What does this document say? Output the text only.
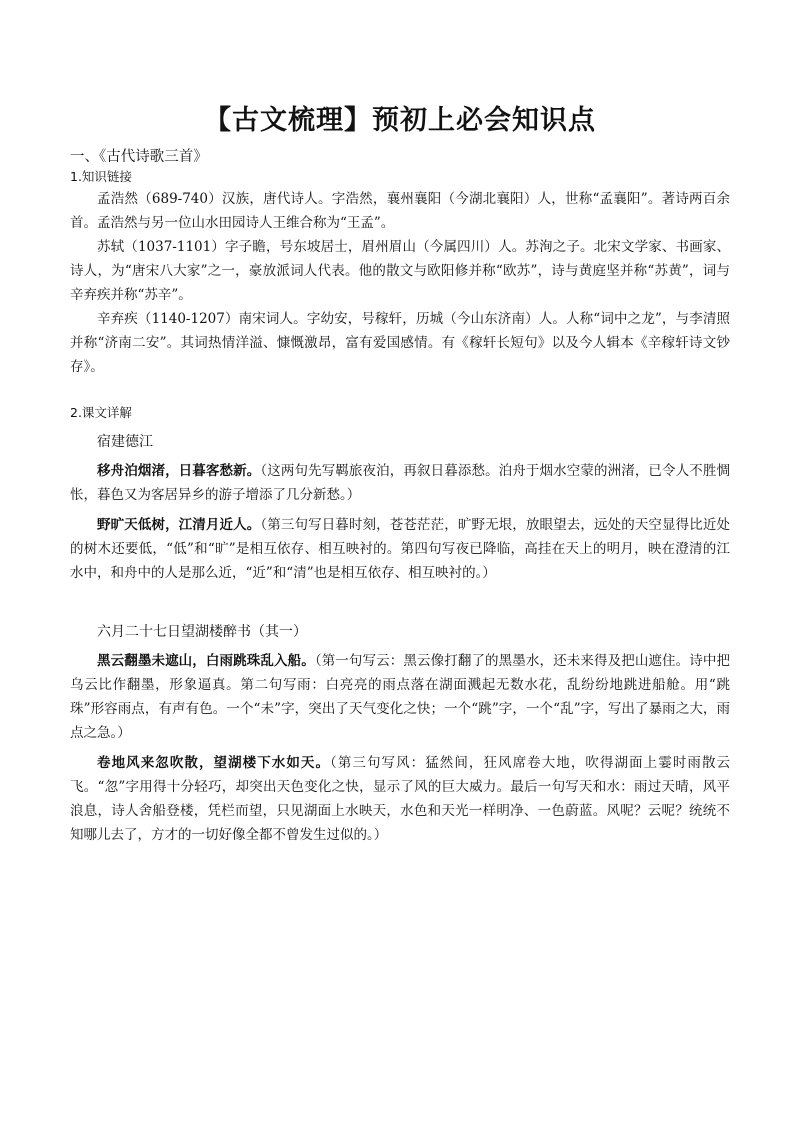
【古文梳理】预初上必会知识点

一、《古代诗歌三首》

1.知识链接

孟浩然（689-740）汉族，唐代诗人。字浩然，襄州襄阳（今湖北襄阳）人，世称“孟襄阳”。著诗两百余首。孟浩然与另一位山水田园诗人王维合称为“王孟”。

苏轼（1037-1101）字子瞻，号东坡居士，眉州眉山（今属四川）人。苏洵之子。北宋文学家、书画家、诗人，为“唐宋八大家”之一，豪放派词人代表。他的散文与欧阳修并称“欧苏”，诗与黄庭坚并称“苏黄”，词与辛弃疾并称“苏辛”。

辛弃疾（1140-1207）南宋词人。字幼安，号稼轩，历城（今山东济南）人。人称“词中之龙”，与李清照并称“济南二安”。其词热情洋溢、慷慨激昂，富有爱国感情。有《稼轩长短句》以及今人辑本《辛稼轩诗文钞存》。

2.课文详解

宿建德江

移舟泊烟渚，日暮客愁新。（这两句先写羁旅夜泊，再叙日暮添愁。泊舟于烟水空蒙的洲渚，已令人不胜惆怅，暮色又为客居异乡的游子增添了几分新愁。）

野旷天低树，江清月近人。（第三句写日暮时刻，苍苍茫茫，旷野无垠，放眼望去，远处的天空显得比近处的树木还要低，“低”和“旷”是相互依存、相互映衬的。第四句写夜已降临，高挂在天上的明月，映在澄清的江水中，和舟中的人是那么近，“近”和“清”也是相互依存、相互映衬的。）

六月二十七日望湖楼醉书（其一）

黑云翻墨未遮山，白雨跳珠乱入船。（第一句写云：黑云像打翻了的黑墨水，还未来得及把山遮住。诗中把乌云比作翻墨，形象逼真。第二句写雨：白亮亮的雨点落在湖面溅起无数水花，乱纷纷地跳进船舱。用“跳珠”形容雨点，有声有色。一个“未”字，突出了天气变化之快；一个“跳”字，一个“乱”字，写出了暴雨之大，雨点之急。）

卷地风来忽吹散，望湖楼下水如天。（第三句写风：猛然间，狂风席卷大地，吹得湖面上霎时雨散云飞。“忽”字用得十分轻巧，却突出天色变化之快，显示了风的巨大威力。最后一句写天和水：雨过天晴，风平浪息，诗人舍船登楼，凭栏而望，只见湖面上水映天，水色和天光一样明净、一色蔚蓝。风呢？云呢？统统不知哪儿去了，方才的一切好像全都不曾发生过似的。）
